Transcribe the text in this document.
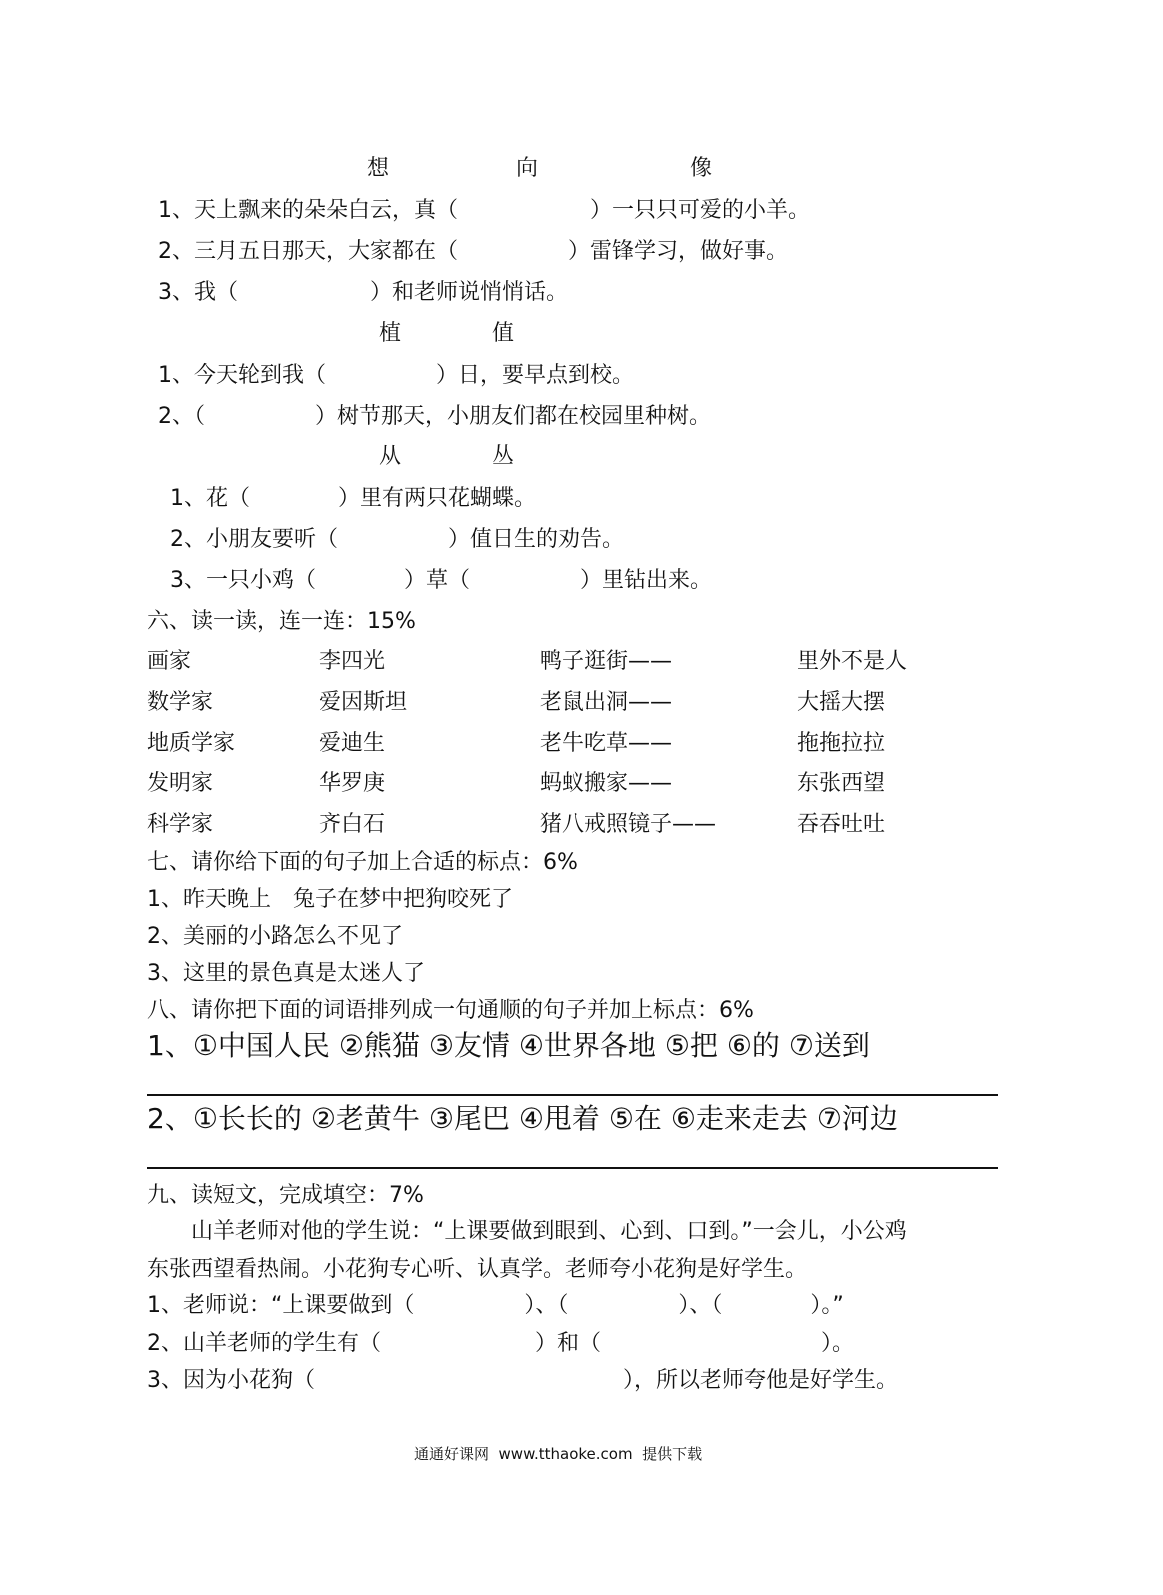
想	向	像
1、天上飘来的朵朵白云，真（　　　　　　）一只只可爱的小羊。
2、三月五日那天，大家都在（　　　　　）雷锋学习，做好事。
3、我（　　　　　　）和老师说悄悄话。
植	值
1、今天轮到我（　　　　　）日，要早点到校。
2、（　　　　　）树节那天，小朋友们都在校园里种树。
从	丛
1、花（　　　　）里有两只花蝴蝶。
2、小朋友要听（　　　　　）值日生的劝告。
3、一只小鸡（　　　　）草（　　　　　）里钻出来。
六、读一读，连一连：15%
画家	李四光	鸭子逛街——	里外不是人
数学家	爱因斯坦	老鼠出洞——	大摇大摆
地质学家	爱迪生	老牛吃草——	拖拖拉拉
发明家	华罗庚	蚂蚁搬家——	东张西望
科学家	齐白石	猪八戒照镜子——	吞吞吐吐
七、请你给下面的句子加上合适的标点：6%
1、昨天晚上　兔子在梦中把狗咬死了
2、美丽的小路怎么不见了
3、这里的景色真是太迷人了
八、请你把下面的词语排列成一句通顺的句子并加上标点：6%
1、①中国人民 ②熊猫 ③友情 ④世界各地 ⑤把 ⑥的 ⑦送到
2、①长长的 ②老黄牛 ③尾巴 ④甩着 ⑤在 ⑥走来走去 ⑦河边
九、读短文，完成填空：7%
　　山羊老师对他的学生说：“上课要做到眼到、心到、口到。”一会儿，小公鸡
东张西望看热闹。小花狗专心听、认真学。老师夸小花狗是好学生。
1、老师说：“上课要做到（　　　　　）、（　　　　　）、（　　　　）。”
2、山羊老师的学生有（　　　　　　　）和（　　　　　　　　　　）。
3、因为小花狗（　　　　　　　　　　　　　　），所以老师夸他是好学生。
通通好课网  www.tthaoke.com  提供下载
